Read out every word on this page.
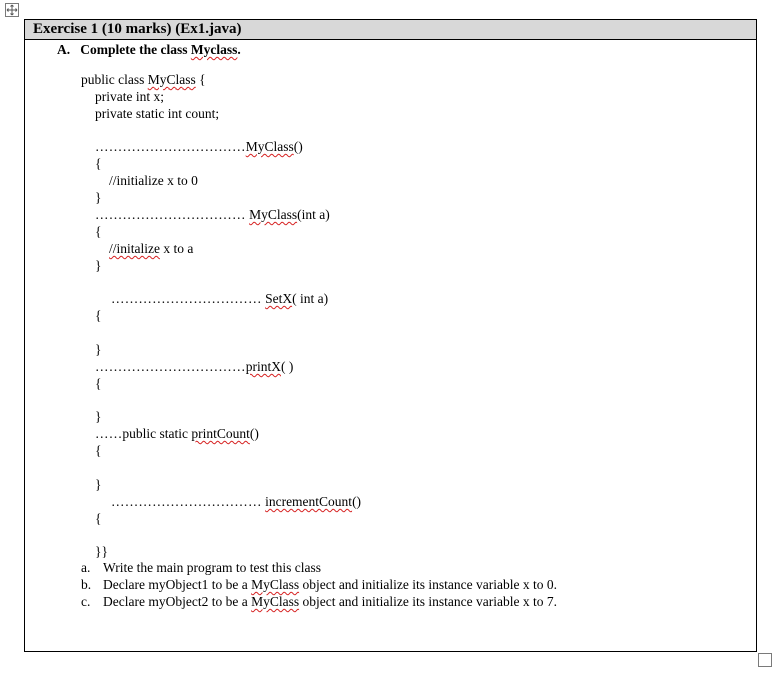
Exercise 1 (10 marks) (Ex1.java)
A. Complete the class Myclass.
public class MyClass {
private int x;
private static int count;
……………………………MyClass()
{
//initialize x to 0
}
…………………………… MyClass(int a)
{
//initalize x to a
}
…………………………… SetX( int a)
{
}
……………………………printX( )
{
}
……public static printCount()
{
}
…………………………… incrementCount()
{
}}
a. Write the main program to test this class
b. Declare myObject1 to be a MyClass object and initialize its instance variable x to 0.
c. Declare myObject2 to be a MyClass object and initialize its instance variable x to 7.
